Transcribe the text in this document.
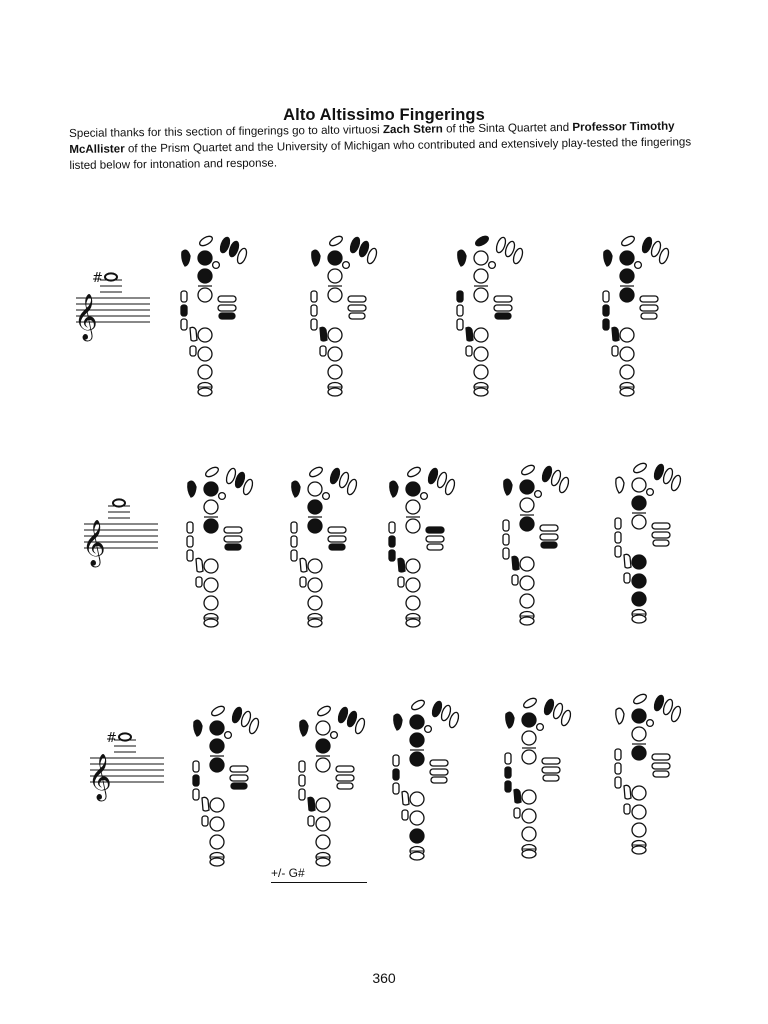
Alto Altissimo Fingerings
Special thanks for this section of fingerings go to alto virtuosi Zach Stern of the Sinta Quartet and Professor Timothy McAllister of the Prism Quartet and the University of Michigan who contributed and extensively play-tested the fingerings listed below for intonation and response.
𝄞
#
𝄞
𝄞
#
+/- G#
360
